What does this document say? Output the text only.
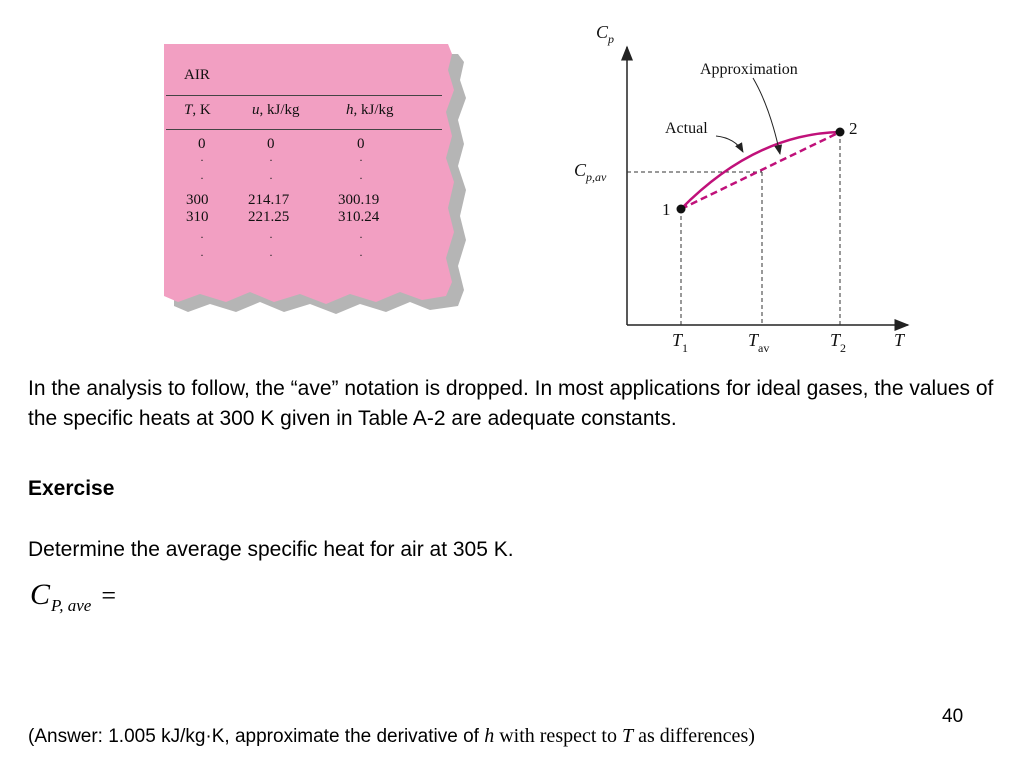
AIR
T, K	u, kJ/kg	h, kJ/kg
0	0	0
·	·	·
·	·	·
300	214.17	300.19
310	221.25	310.24
·	·	·
·	·	·
$C_p$
$C_{p,av}$
Approximation
Actual
1
2
$T_1$	$T_{av}$	$T_2$	T

In the analysis to follow, the “ave” notation is dropped. In most applications for ideal gases, the values of the specific heats at 300 K given in Table A-2 are adequate constants.

Exercise

Determine the average specific heat for air at 305 K.

CP, ave =
40
(Answer: 1.005 kJ/kg·K, approximate the derivative of h with respect to T as differences)
